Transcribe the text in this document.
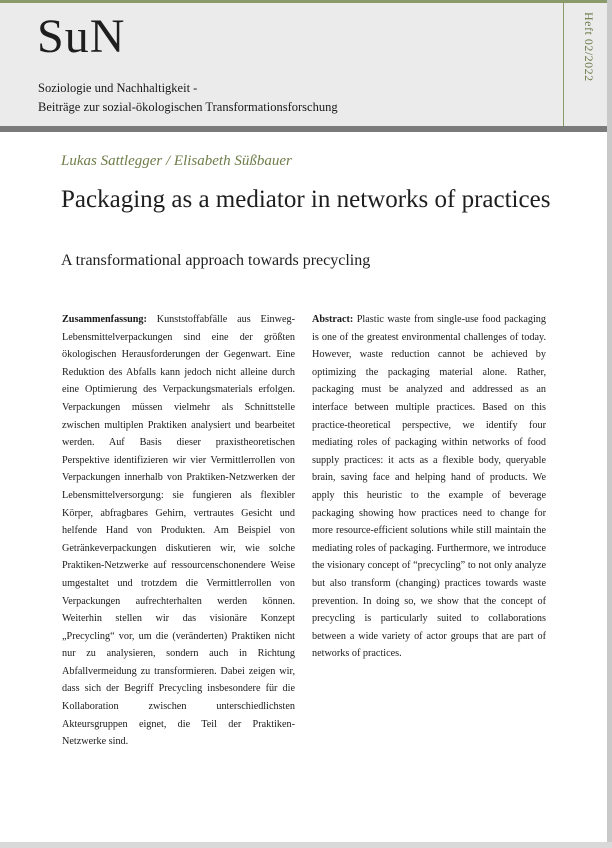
SuN
Soziologie und Nachhaltigkeit -
Beiträge zur sozial-ökologischen Transformationsforschung
Heft 02/2022
Lukas Sattlegger / Elisabeth Süßbauer
Packaging as a mediator in networks of practices
A transformational approach towards precycling
Zusammenfassung: Kunststoffabfälle aus Einweg-Lebensmittelverpackungen sind eine der größten ökologischen Herausforderungen der Gegenwart. Eine Reduktion des Abfalls kann jedoch nicht alleine durch eine Optimierung des Verpackungsmaterials erfolgen. Verpackungen müssen vielmehr als Schnittstelle zwischen multiplen Praktiken analysiert und bearbeitet werden. Auf Basis dieser praxistheoretischen Perspektive identifizieren wir vier Vermittlerrollen von Verpackungen innerhalb von Praktiken-Netzwerken der Lebensmittelversorgung: sie fungieren als flexibler Körper, abfragbares Gehirn, vertrautes Gesicht und helfende Hand von Produkten. Am Beispiel von Getränkeverpackungen diskutieren wir, wie solche Praktiken-Netzwerke auf ressourcenschonendere Weise umgestaltet und trotzdem die Vermittlerrollen von Verpackungen aufrechterhalten werden können. Weiterhin stellen wir das visionäre Konzept „Precycling“ vor, um die (veränderten) Praktiken nicht nur zu analysieren, sondern auch in Richtung Abfallvermeidung zu transformieren. Dabei zeigen wir, dass sich der Begriff Precycling insbesondere für die Kollaboration zwischen unterschiedlichsten Akteursgruppen eignet, die Teil der Praktiken-Netzwerke sind.
Abstract: Plastic waste from single-use food packaging is one of the greatest environmental challenges of today. However, waste reduction cannot be achieved by optimizing the packaging material alone. Rather, packaging must be analyzed and addressed as an interface between multiple practices. Based on this practice-theoretical perspective, we identify four mediating roles of packaging within networks of food supply practices: it acts as a flexible body, queryable brain, saving face and helping hand of products. We apply this heuristic to the example of beverage packaging showing how practices need to change for more resource-efficient solutions while still maintain the mediating roles of packaging. Furthermore, we introduce the visionary concept of “precycling” to not only analyze but also transform (changing) practices towards waste prevention. In doing so, we show that the concept of precycling is particularly suited to collaborations between a wide variety of actor groups that are part of networks of practices.
